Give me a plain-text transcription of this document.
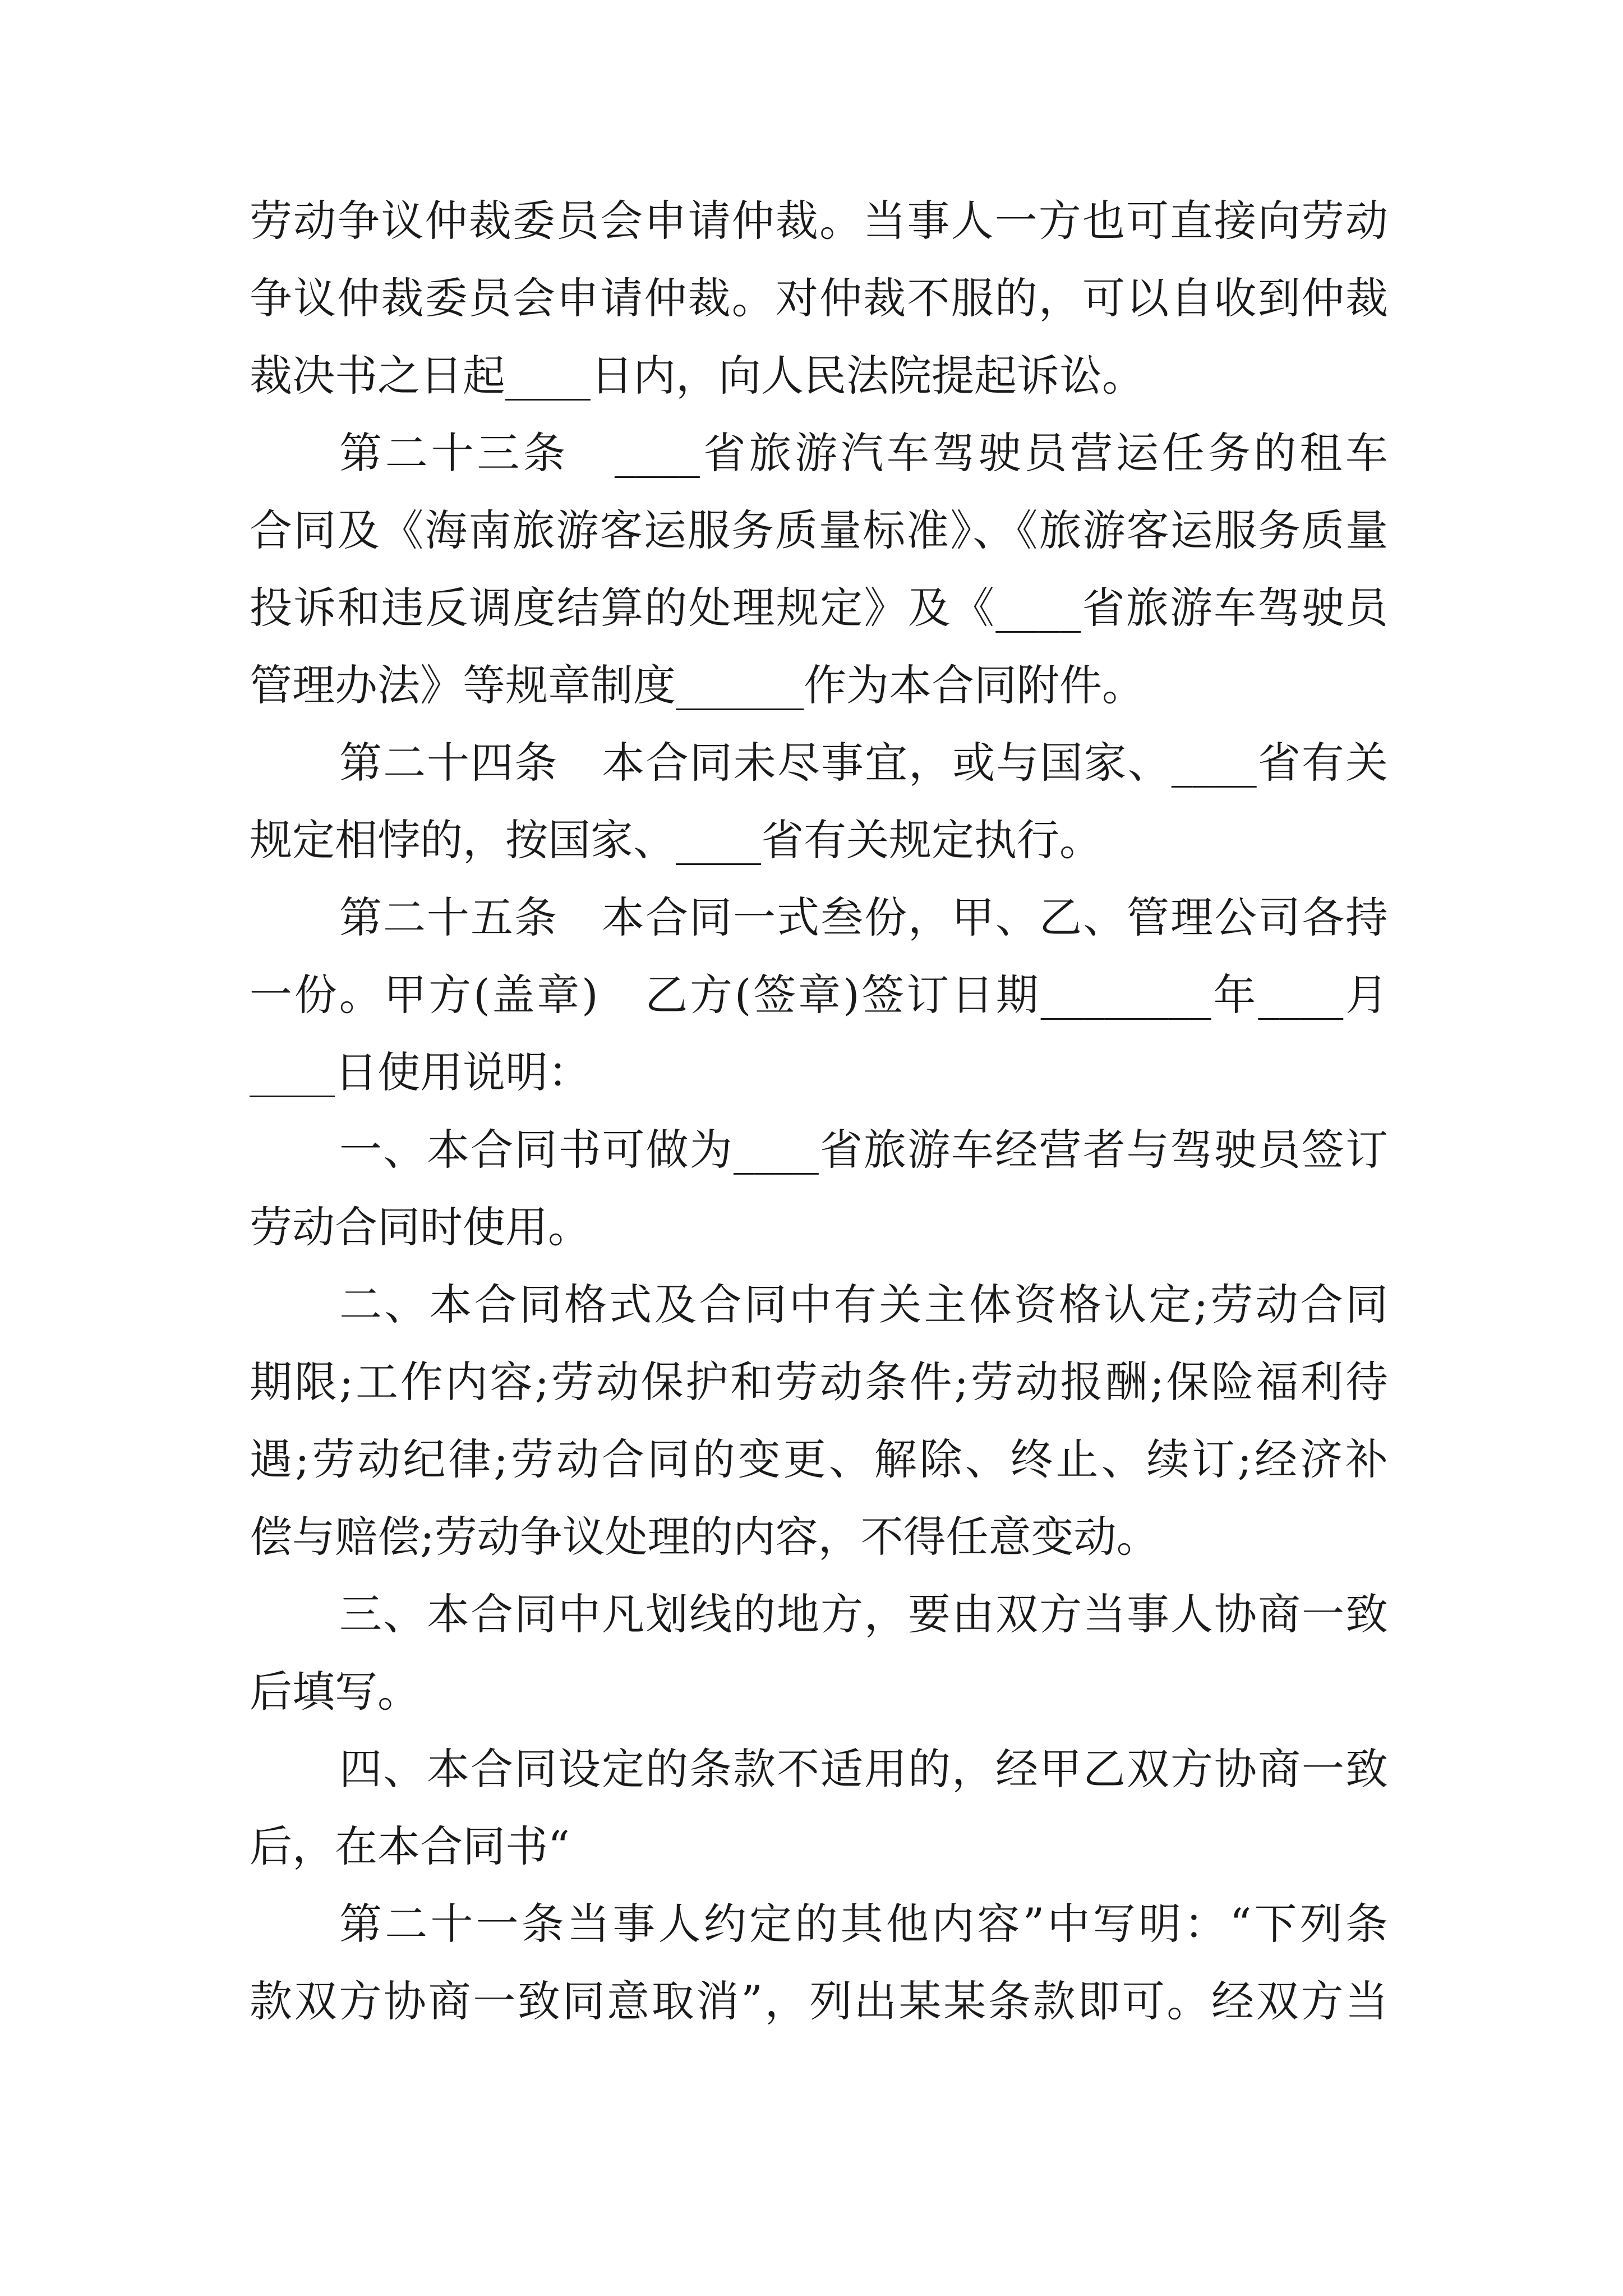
劳动争议仲裁委员会申请仲裁。当事人一方也可直接向劳动
争议仲裁委员会申请仲裁。对仲裁不服的，可以自收到仲裁
裁决书之日起____日内，向人民法院提起诉讼。
第二十三条　____省旅游汽车驾驶员营运任务的租车
合同及《海南旅游客运服务质量标准》、《旅游客运服务质量
投诉和违反调度结算的处理规定》及《____省旅游车驾驶员
管理办法》等规章制度______作为本合同附件。
第二十四条　本合同未尽事宜，或与国家、____省有关
规定相悖的，按国家、____省有关规定执行。
第二十五条　本合同一式叁份，甲、乙、管理公司各持
一份。甲方(盖章)　乙方(签章)签订日期________年____月
____日使用说明：
一、本合同书可做为____省旅游车经营者与驾驶员签订
劳动合同时使用。
二、本合同格式及合同中有关主体资格认定;劳动合同
期限;工作内容;劳动保护和劳动条件;劳动报酬;保险福利待
遇;劳动纪律;劳动合同的变更、解除、终止、续订;经济补
偿与赔偿;劳动争议处理的内容，不得任意变动。
三、本合同中凡划线的地方，要由双方当事人协商一致
后填写。
四、本合同设定的条款不适用的，经甲乙双方协商一致
后，在本合同书“
第二十一条当事人约定的其他内容”中写明：“下列条
款双方协商一致同意取消”，列出某某条款即可。经双方当
